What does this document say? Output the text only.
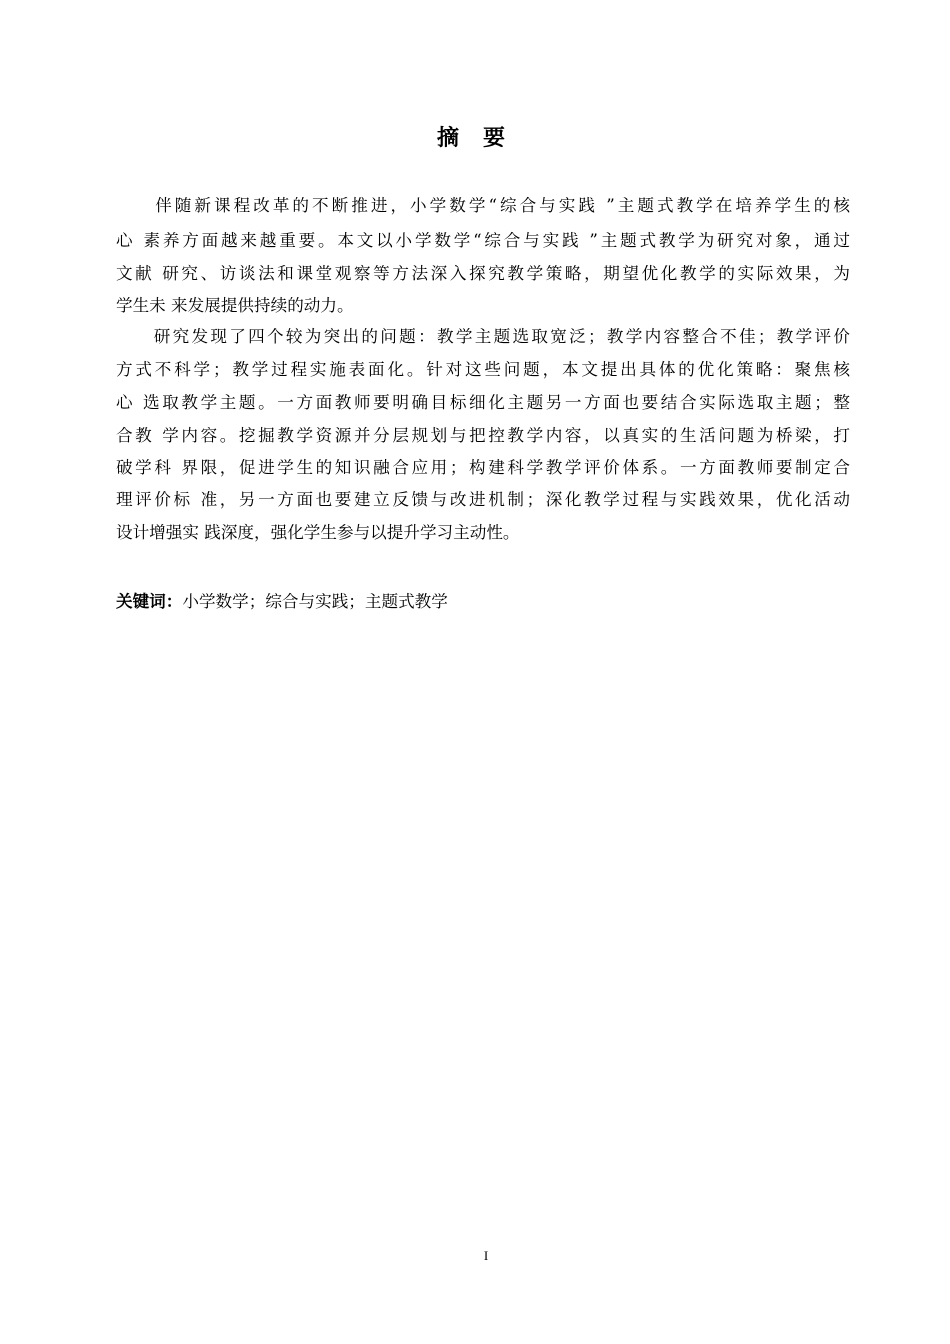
摘要
　　伴随新课程改革的不断推进，小学数学“综合与实践 ”主题式教学在培养学生的核
心 素养方面越来越重要。本文以小学数学“综合与实践 ”主题式教学为研究对象，通过
文献 研究、访谈法和课堂观察等方法深入探究教学策略，期望优化教学的实际效果，为
学生未 来发展提供持续的动力。
　　研究发现了四个较为突出的问题：教学主题选取宽泛；教学内容整合不佳；教学评价
方式不科学；教学过程实施表面化。针对这些问题，本文提出具体的优化策略：聚焦核
心 选取教学主题。一方面教师要明确目标细化主题另一方面也要结合实际选取主题；整
合教 学内容。挖掘教学资源并分层规划与把控教学内容，以真实的生活问题为桥梁，打
破学科 界限，促进学生的知识融合应用；构建科学教学评价体系。一方面教师要制定合
理评价标 准，另一方面也要建立反馈与改进机制；深化教学过程与实践效果，优化活动
设计增强实 践深度，强化学生参与以提升学习主动性。
关键词：小学数学；综合与实践；主题式教学
I
